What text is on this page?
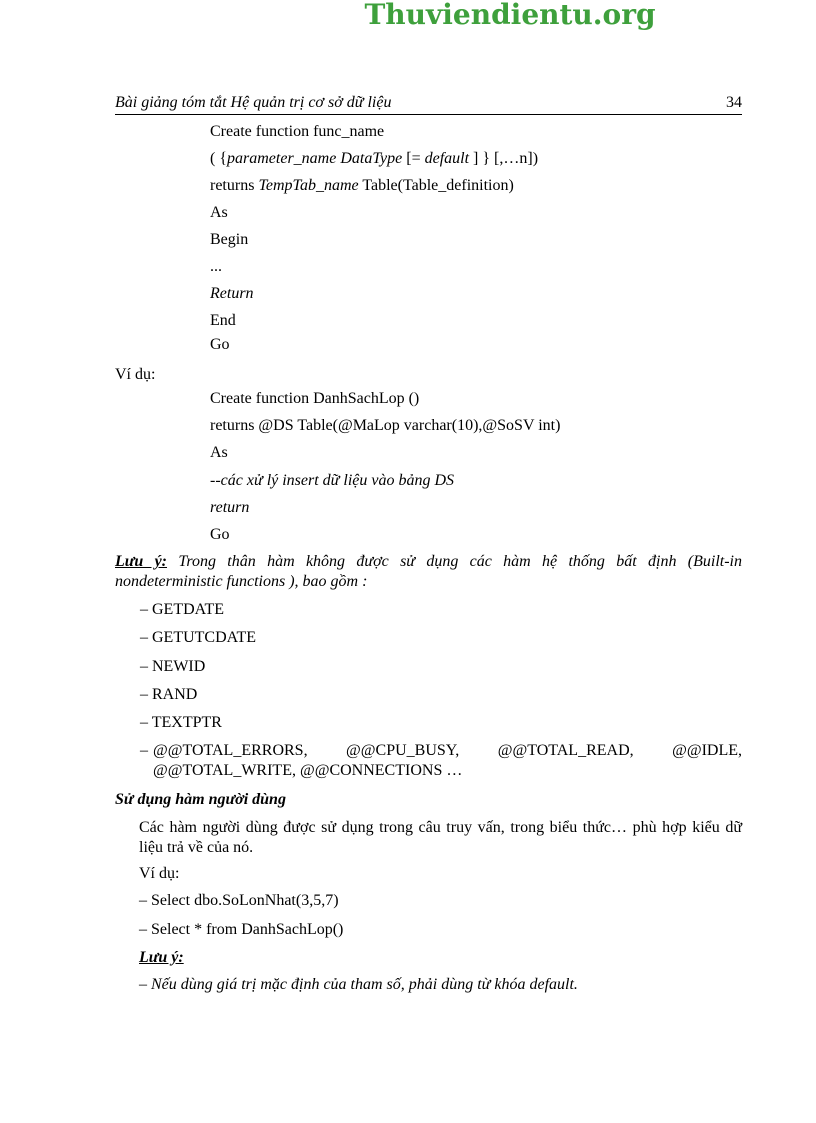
Thuviendientu.org
Bài giảng tóm tắt Hệ quản trị cơ sở dữ liệu	34
Create function func_name
( {parameter_name DataType [= default ] } [,…n])
returns TempTab_name Table(Table_definition)
As
Begin
...
Return
End
Go
Ví dụ:
Create function DanhSachLop ()
returns @DS Table(@MaLop varchar(10),@SoSV int)
As
--các xử lý insert dữ liệu vào bảng DS
return
Go
Lưu ý: Trong thân hàm không được sử dụng các hàm hệ thống bất định (Built-in nondeterministic functions ), bao gồm :
– GETDATE
– GETUTCDATE
– NEWID
– RAND
– TEXTPTR
– @@TOTAL_ERRORS,      @@CPU_BUSY,      @@TOTAL_READ,      @@IDLE, @@TOTAL_WRITE, @@CONNECTIONS …
Sử dụng hàm người dùng
Các hàm người dùng được sử dụng trong câu truy vấn, trong biểu thức… phù hợp kiểu dữ liệu trả về của nó.
Ví dụ:
– Select dbo.SoLonNhat(3,5,7)
– Select * from DanhSachLop()
Lưu ý:
– Nếu dùng giá trị mặc định của tham số, phải dùng từ khóa default.
